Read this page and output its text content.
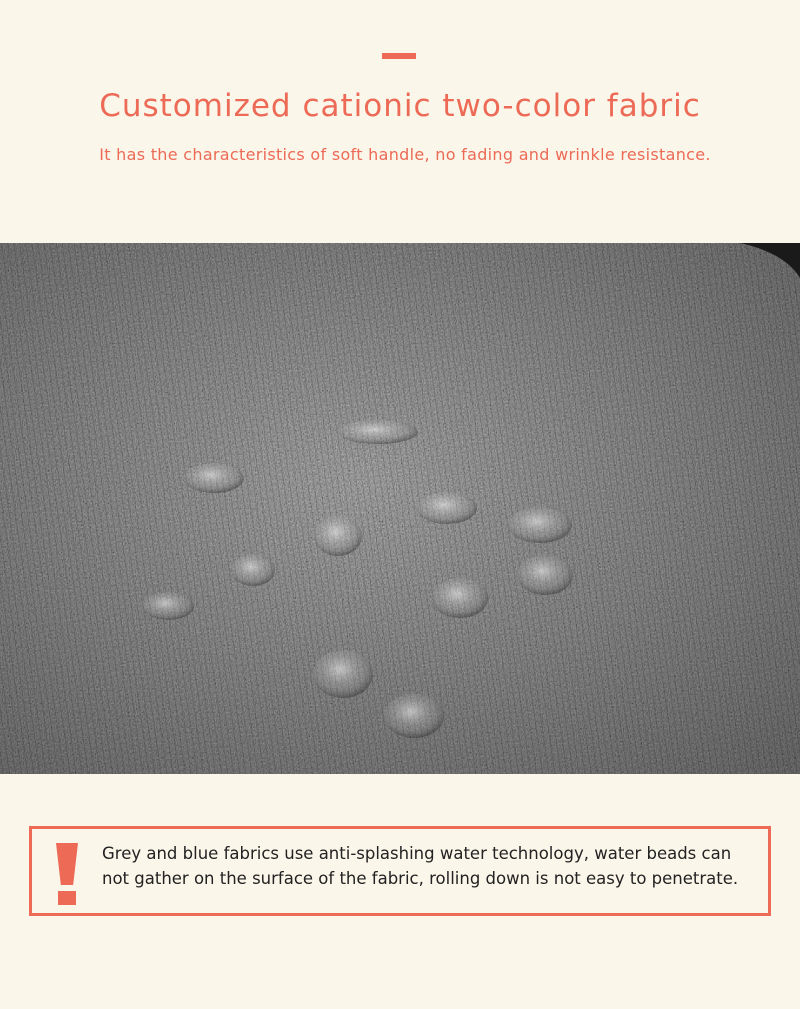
Customized cationic two-color fabric
It has the characteristics of soft handle, no fading and wrinkle resistance.
Grey and blue fabrics use anti-splashing water technology, water beads can not gather on the surface of the fabric, rolling down is not easy to penetrate.
